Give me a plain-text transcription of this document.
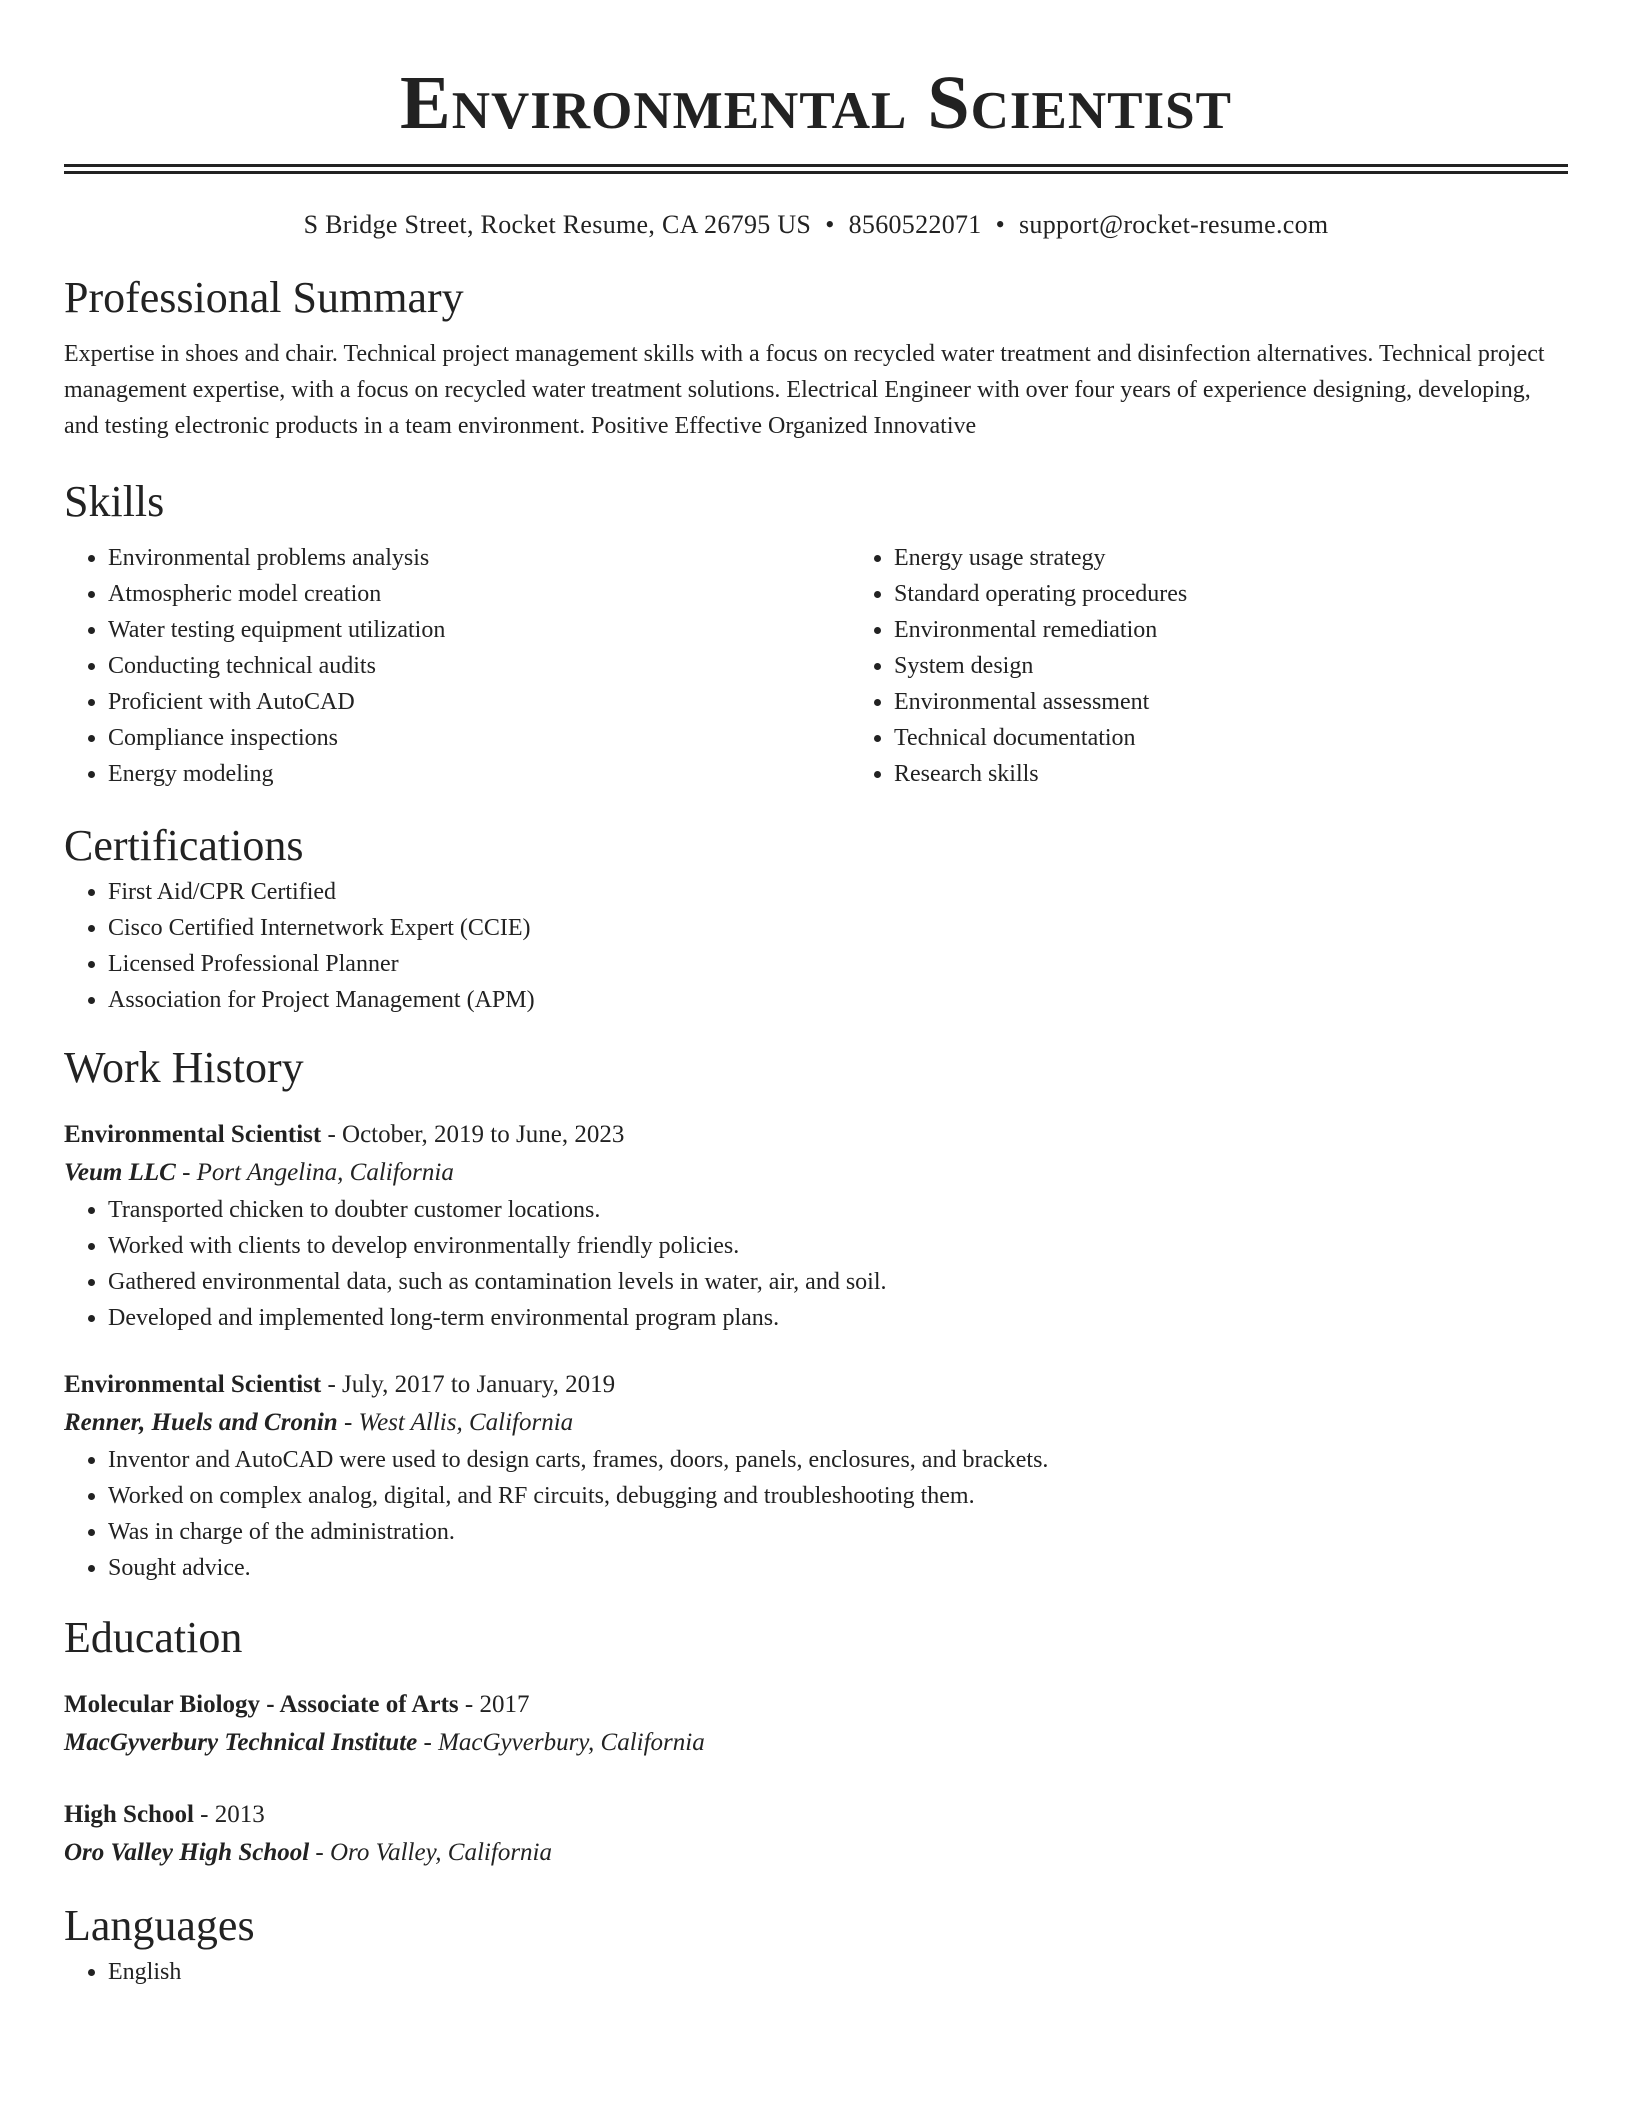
Environmental Scientist
S Bridge Street, Rocket Resume, CA 26795 US • 8560522071 • support@rocket-resume.com
Professional Summary

Expertise in shoes and chair. Technical project management skills with a focus on recycled water treatment and disinfection alternatives. Technical project management expertise, with a focus on recycled water treatment solutions. Electrical Engineer with over four years of experience designing, developing, and testing electronic products in a team environment. Positive Effective Organized Innovative

Skills
• Environmental problems analysis
• Atmospheric model creation
• Water testing equipment utilization
• Conducting technical audits
• Proficient with AutoCAD
• Compliance inspections
• Energy modeling
• Energy usage strategy
• Standard operating procedures
• Environmental remediation
• System design
• Environmental assessment
• Technical documentation
• Research skills
Certifications
• First Aid/CPR Certified
• Cisco Certified Internetwork Expert (CCIE)
• Licensed Professional Planner
• Association for Project Management (APM)
Work History
Environmental Scientist - October, 2019 to June, 2023
Veum LLC - Port Angelina, California
• Transported chicken to doubter customer locations.
• Worked with clients to develop environmentally friendly policies.
• Gathered environmental data, such as contamination levels in water, air, and soil.
• Developed and implemented long-term environmental program plans.
Environmental Scientist - July, 2017 to January, 2019
Renner, Huels and Cronin - West Allis, California
• Inventor and AutoCAD were used to design carts, frames, doors, panels, enclosures, and brackets.
• Worked on complex analog, digital, and RF circuits, debugging and troubleshooting them.
• Was in charge of the administration.
• Sought advice.
Education
Molecular Biology - Associate of Arts - 2017
MacGyverbury Technical Institute - MacGyverbury, California
High School - 2013
Oro Valley High School - Oro Valley, California
Languages
• English
